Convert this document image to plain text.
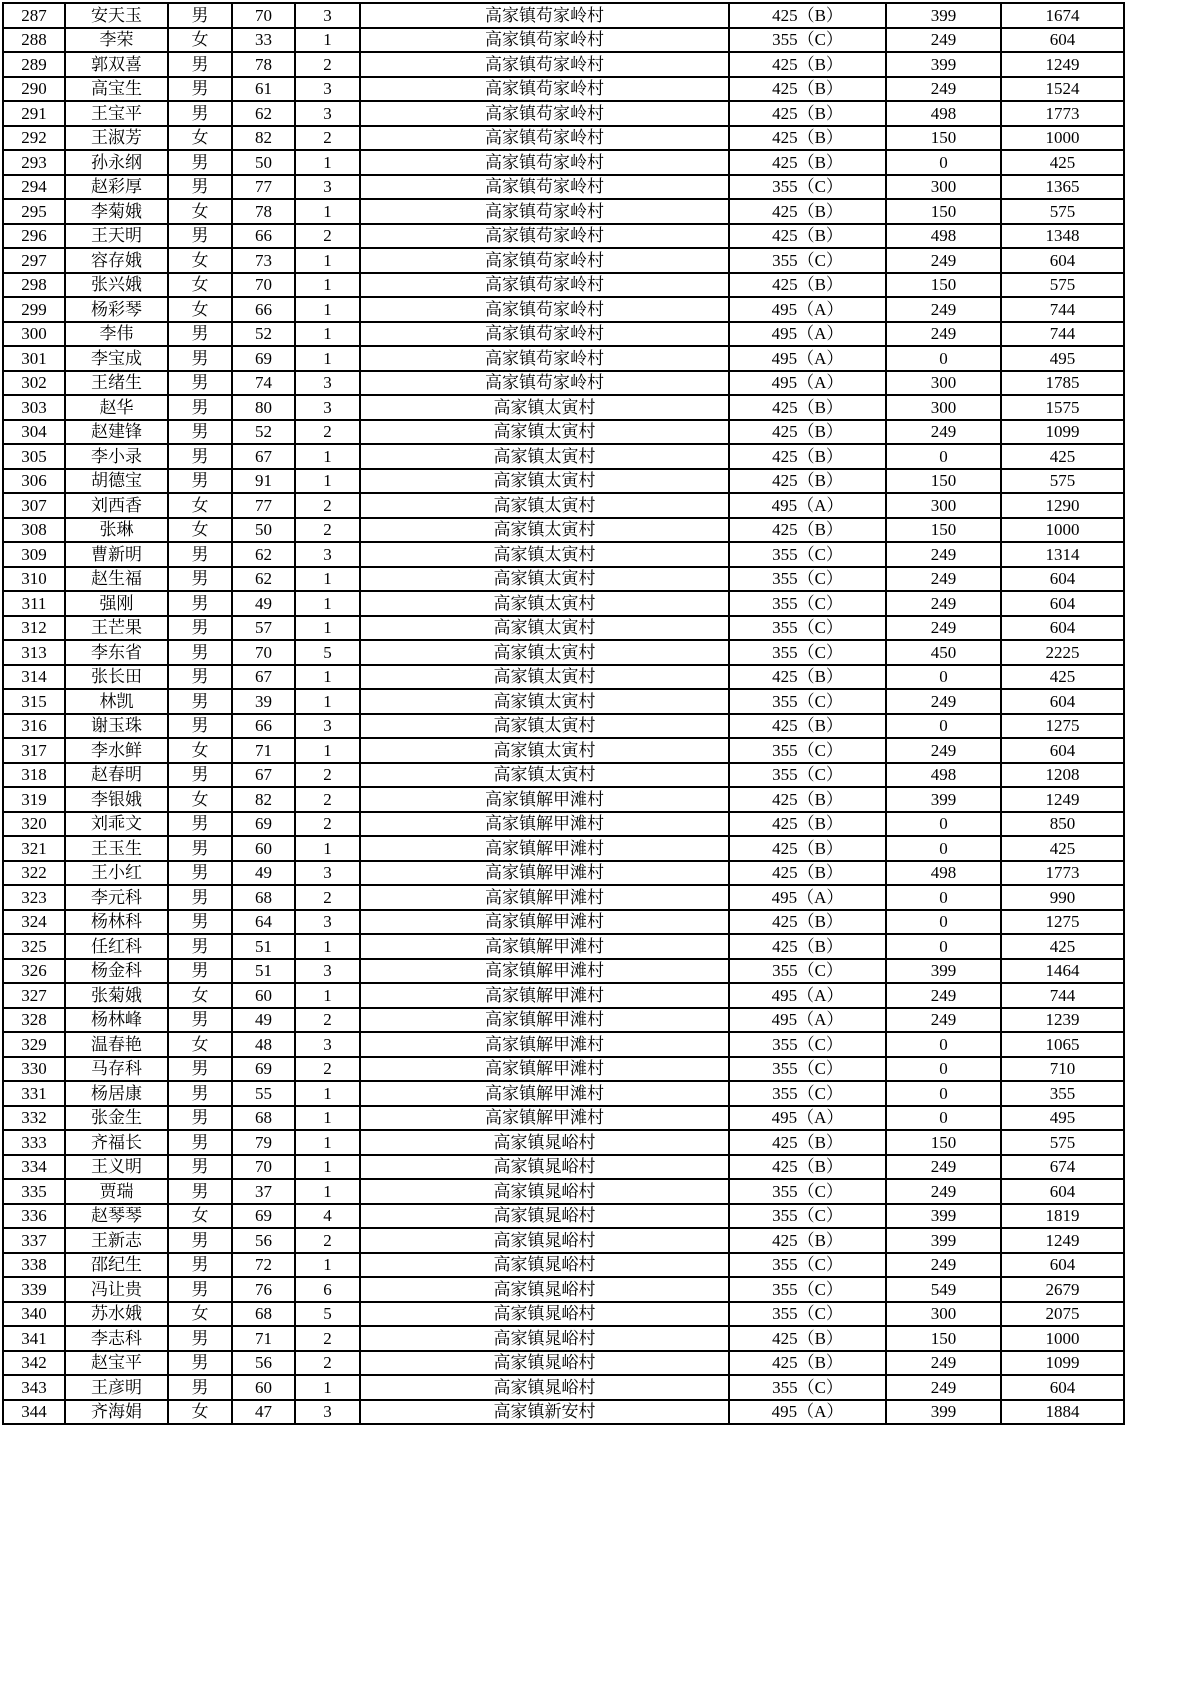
287	安天玉	男	70	3	高家镇苟家岭村	425（B）	399	1674
288	李荣	女	33	1	高家镇苟家岭村	355（C）	249	604
289	郭双喜	男	78	2	高家镇苟家岭村	425（B）	399	1249
290	高宝生	男	61	3	高家镇苟家岭村	425（B）	249	1524
291	王宝平	男	62	3	高家镇苟家岭村	425（B）	498	1773
292	王淑芳	女	82	2	高家镇苟家岭村	425（B）	150	1000
293	孙永纲	男	50	1	高家镇苟家岭村	425（B）	0	425
294	赵彩厚	男	77	3	高家镇苟家岭村	355（C）	300	1365
295	李菊娥	女	78	1	高家镇苟家岭村	425（B）	150	575
296	王天明	男	66	2	高家镇苟家岭村	425（B）	498	1348
297	容存娥	女	73	1	高家镇苟家岭村	355（C）	249	604
298	张兴娥	女	70	1	高家镇苟家岭村	425（B）	150	575
299	杨彩琴	女	66	1	高家镇苟家岭村	495（A）	249	744
300	李伟	男	52	1	高家镇苟家岭村	495（A）	249	744
301	李宝成	男	69	1	高家镇苟家岭村	495（A）	0	495
302	王绪生	男	74	3	高家镇苟家岭村	495（A）	300	1785
303	赵华	男	80	3	高家镇太寅村	425（B）	300	1575
304	赵建锋	男	52	2	高家镇太寅村	425（B）	249	1099
305	李小录	男	67	1	高家镇太寅村	425（B）	0	425
306	胡德宝	男	91	1	高家镇太寅村	425（B）	150	575
307	刘西香	女	77	2	高家镇太寅村	495（A）	300	1290
308	张琳	女	50	2	高家镇太寅村	425（B）	150	1000
309	曹新明	男	62	3	高家镇太寅村	355（C）	249	1314
310	赵生福	男	62	1	高家镇太寅村	355（C）	249	604
311	强刚	男	49	1	高家镇太寅村	355（C）	249	604
312	王芒果	男	57	1	高家镇太寅村	355（C）	249	604
313	李东省	男	70	5	高家镇太寅村	355（C）	450	2225
314	张长田	男	67	1	高家镇太寅村	425（B）	0	425
315	林凯	男	39	1	高家镇太寅村	355（C）	249	604
316	谢玉珠	男	66	3	高家镇太寅村	425（B）	0	1275
317	李水鲜	女	71	1	高家镇太寅村	355（C）	249	604
318	赵春明	男	67	2	高家镇太寅村	355（C）	498	1208
319	李银娥	女	82	2	高家镇解甲滩村	425（B）	399	1249
320	刘乖文	男	69	2	高家镇解甲滩村	425（B）	0	850
321	王玉生	男	60	1	高家镇解甲滩村	425（B）	0	425
322	王小红	男	49	3	高家镇解甲滩村	425（B）	498	1773
323	李元科	男	68	2	高家镇解甲滩村	495（A）	0	990
324	杨林科	男	64	3	高家镇解甲滩村	425（B）	0	1275
325	任红科	男	51	1	高家镇解甲滩村	425（B）	0	425
326	杨金科	男	51	3	高家镇解甲滩村	355（C）	399	1464
327	张菊娥	女	60	1	高家镇解甲滩村	495（A）	249	744
328	杨林峰	男	49	2	高家镇解甲滩村	495（A）	249	1239
329	温春艳	女	48	3	高家镇解甲滩村	355（C）	0	1065
330	马存科	男	69	2	高家镇解甲滩村	355（C）	0	710
331	杨居康	男	55	1	高家镇解甲滩村	355（C）	0	355
332	张金生	男	68	1	高家镇解甲滩村	495（A）	0	495
333	齐福长	男	79	1	高家镇晁峪村	425（B）	150	575
334	王义明	男	70	1	高家镇晁峪村	425（B）	249	674
335	贾瑞	男	37	1	高家镇晁峪村	355（C）	249	604
336	赵琴琴	女	69	4	高家镇晁峪村	355（C）	399	1819
337	王新志	男	56	2	高家镇晁峪村	425（B）	399	1249
338	邵纪生	男	72	1	高家镇晁峪村	355（C）	249	604
339	冯让贵	男	76	6	高家镇晁峪村	355（C）	549	2679
340	苏水娥	女	68	5	高家镇晁峪村	355（C）	300	2075
341	李志科	男	71	2	高家镇晁峪村	425（B）	150	1000
342	赵宝平	男	56	2	高家镇晁峪村	425（B）	249	1099
343	王彦明	男	60	1	高家镇晁峪村	355（C）	249	604
344	齐海娟	女	47	3	高家镇新安村	495（A）	399	1884
